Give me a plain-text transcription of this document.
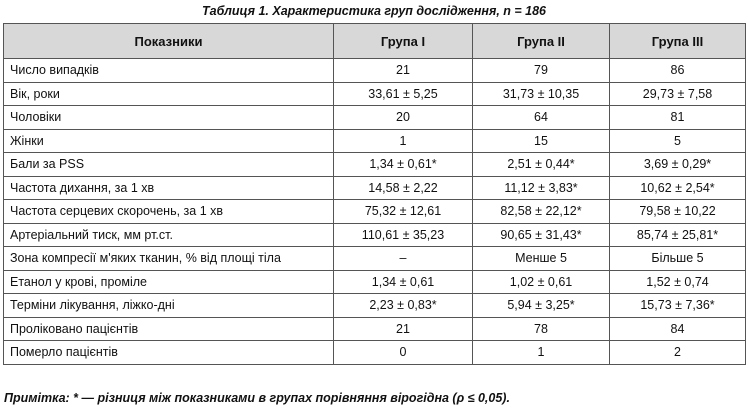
Таблиця 1. Характеристика груп дослідження, n = 186
Показники	Група I	Група II	Група III
Число випадків	21	79	86
Вік, роки	33,61 ± 5,25	31,73 ± 10,35	29,73 ± 7,58
Чоловіки	20	64	81
Жінки	1	15	5
Бали за PSS	1,34 ± 0,61*	2,51 ± 0,44*	3,69 ± 0,29*
Частота дихання, за 1 хв	14,58 ± 2,22	11,12 ± 3,83*	10,62 ± 2,54*
Частота серцевих скорочень, за 1 хв	75,32 ± 12,61	82,58 ± 22,12*	79,58 ± 10,22
Артеріальний тиск, мм рт.ст.	110,61 ± 35,23	90,65 ± 31,43*	85,74 ± 25,81*
Зона компресії м'яких тканин, % від площі тіла	–	Менше 5	Більше 5
Етанол у крові, проміле	1,34 ± 0,61	1,02 ± 0,61	1,52 ± 0,74
Терміни лікування, ліжко-дні	2,23 ± 0,83*	5,94 ± 3,25*	15,73 ± 7,36*
Проліковано пацієнтів	21	78	84
Померло пацієнтів	0	1	2
Примітка: * — різниця між показниками в групах порівняння вірогідна (ρ ≤ 0,05).
